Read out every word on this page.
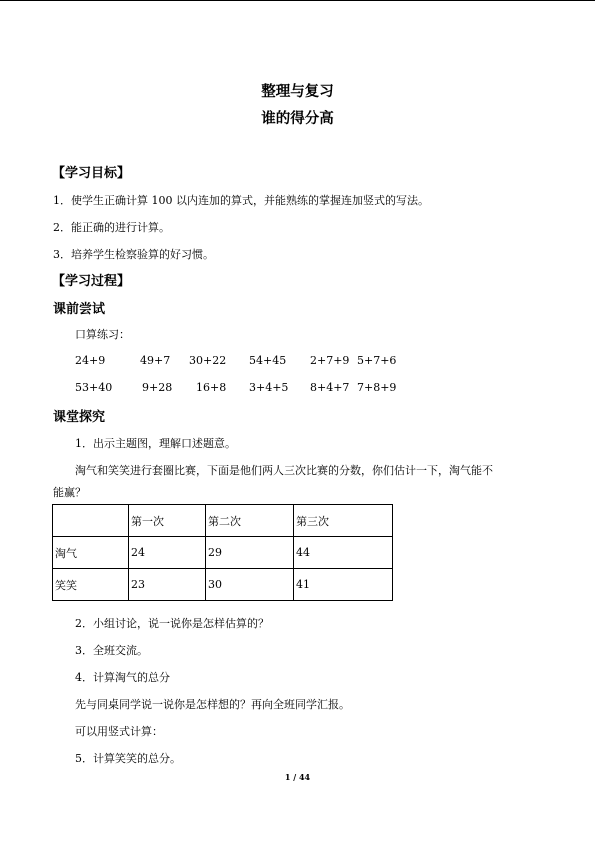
整理与复习
谁的得分高
【学习目标】
1．使学生正确计算 100 以内连加的算式，并能熟练的掌握连加竖式的写法。
2．能正确的进行计算。
3．培养学生检察验算的好习惯。
【学习过程】
课前尝试
口算练习：
24+9	49+7 30+22 54+45 2+7+9 5+7+6
53+40	9+28 16+8 3+4+5 8+4+7 7+8+9
课堂探究
1．出示主题图，理解口述题意。
淘气和笑笑进行套圈比赛，下面是他们两人三次比赛的分数，你们估计一下，淘气能不
能赢？
	第一次	第二次	第三次
淘气	24	29	44
笑笑	23	30	41
2．小组讨论，说一说你是怎样估算的？
3．全班交流。
4．计算淘气的总分
先与同桌同学说一说你是怎样想的？再向全班同学汇报。
可以用竖式计算：
5．计算笑笑的总分。
1 / 44
